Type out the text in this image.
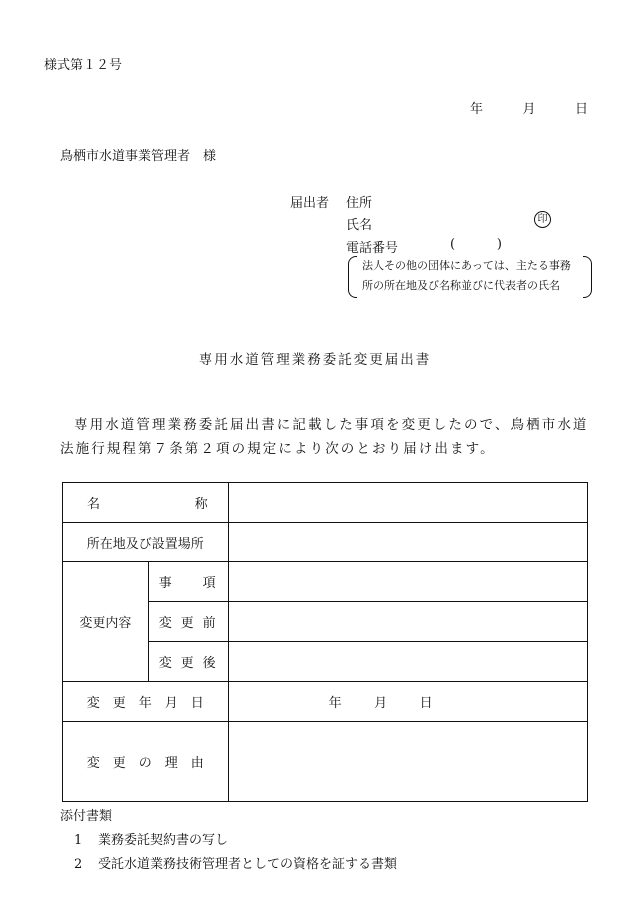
様式第１２号
年	月	日
鳥栖市水道事業管理者　様
届出者 住所
氏名	印
電話番号	(	)
法人その他の団体にあっては、主たる事務
所の所在地及び名称並びに代表者の氏名
専用水道管理業務委託変更届出書
専用水道管理業務委託届出書に記載した事項を変更したので、鳥栖市水道法施行規程第７条第２項の規定により次のとおり届け出ます。
名 称		

所在地及び設置場所		
変更内容	事 項	

	変 更 前	

	変 更 後	

変　更　年　月　日		年 月 日

変　更　の　理　由		
添付書類
1 業務委託契約書の写し
2 受託水道業務技術管理者としての資格を証する書類
